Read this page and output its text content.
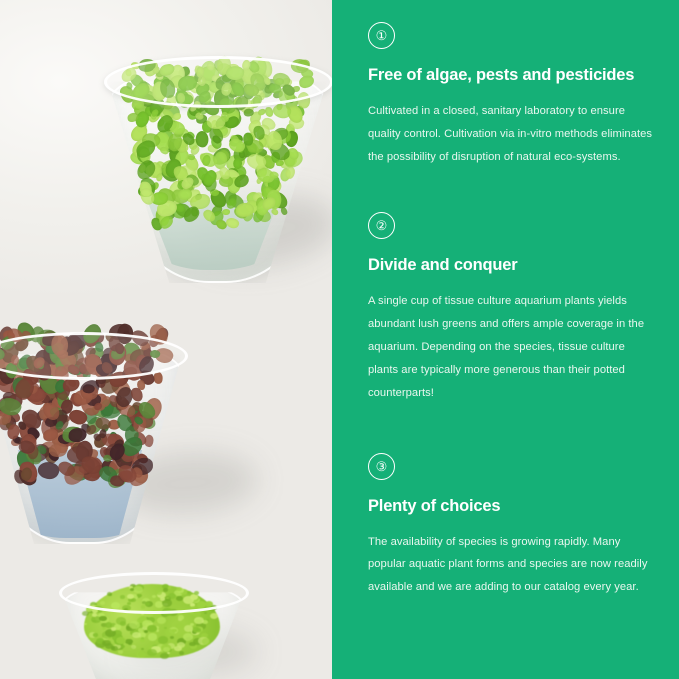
①
Free of algae, pests and pesticides

Cultivated in a closed, sanitary laboratory to ensure quality control. Cultivation via in-vitro methods eliminates the possibility of disruption of natural eco-systems.

②
Divide and conquer

A single cup of tissue culture aquarium plants yields abundant lush greens and offers ample coverage in the aquarium. Depending on the species, tissue culture plants are typically more generous than their potted counterparts!

③
Plenty of choices

The availability of species is growing rapidly. Many popular aquatic plant forms and species are now readily available and we are adding to our catalog every year.
